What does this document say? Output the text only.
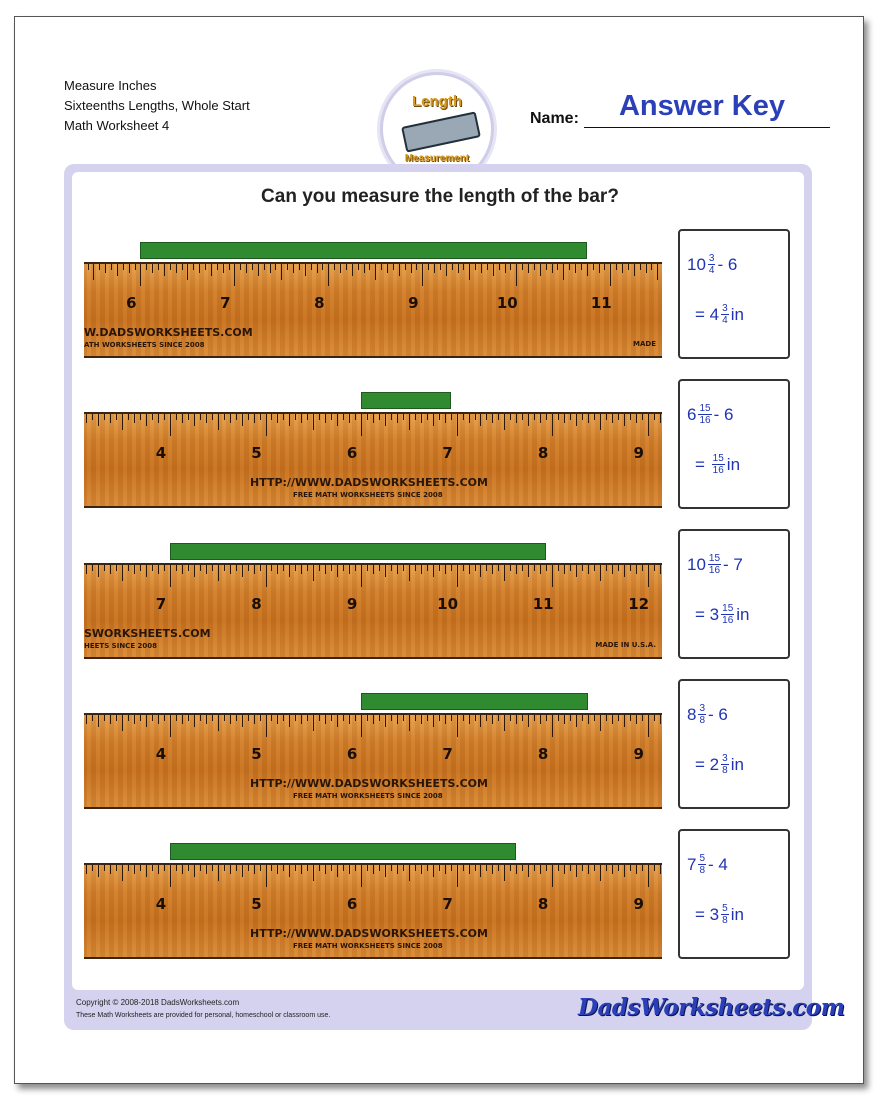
Measure Inches
Sixteenths Lengths, Whole Start
Math Worksheet 4
Length
Measurement
Name:	Answer Key
Can you measure the length of the bar?
6	7	8	9	10	11
W.DADSWORKSHEETS.COM
ATH WORKSHEETS SINCE 2008	MADE
$10 \frac{3}{4} - 6$
=
$4 \frac{3}{4}$ in
4	5	6	7	8	9
HTTP://WWW.DADSWORKSHEETS.COM
FREE MATH WORKSHEETS SINCE 2008
$6 \frac{15}{16} - 6$
=
$\frac{15}{16}$ in
7	8	9	10	11	12
SWORKSHEETS.COM
HEETS SINCE 2008	MADE IN U.S.A.
$10 \frac{15}{16} - 7$
=
$3 \frac{15}{16}$ in
4	5	6	7	8	9
HTTP://WWW.DADSWORKSHEETS.COM
FREE MATH WORKSHEETS SINCE 2008
$8 \frac{3}{8} - 6$
=
$2 \frac{3}{8}$ in
4	5	6	7	8	9
HTTP://WWW.DADSWORKSHEETS.COM
FREE MATH WORKSHEETS SINCE 2008
$7 \frac{5}{8} - 4$
=
$3 \frac{5}{8}$ in
Copyright © 2008-2018 DadsWorksheets.com
These Math Worksheets are provided for personal, homeschool or classroom use.	DadsWorksheets.com
